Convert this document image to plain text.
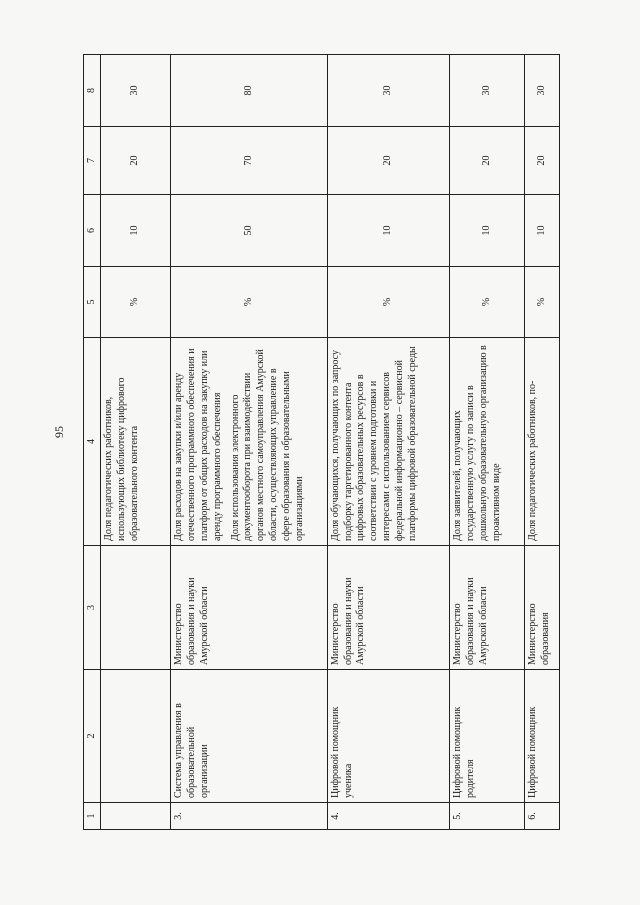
95
1	2	3	4	5	6	7	8
			Доля педагогических работников, использующих библиотеку цифрового образовательного контента	%	10	20	30
3.	Система управления в образовательной организации	Министерство образования и науки Амурской области	Доля расходов на закупки и/или аренду отечественного программного обеспечения и платформ от общих расходов на закупку или аренду программного обеспечения Доля использования электронного документооборота при взаимодействии органов местного самоуправления Амурской области, осуществляющих управление в сфере образования и образовательными организациями	%	50	70	80
4.	Цифровой помощник ученика	Министерство образования и науки Амурской области	Доля обучающихся, получающих по запросу подборку таргетированного контента цифровых образовательных ресурсов в соответствии с уровнем подготовки и интересами с использованием сервисов федеральной информационно – сервисной платформы цифровой образовательной среды	%	10	20	30
5.	Цифровой помощник родителя	Министерство образования и науки Амурской области	Доля заявителей, получающих государственную услугу по записи в дошкольную образовательную организацию в проактивном виде	%	10	20	30
6.	Цифровой помощник	Министерство образования	Доля педагогических работников, по-	%	10	20	30
